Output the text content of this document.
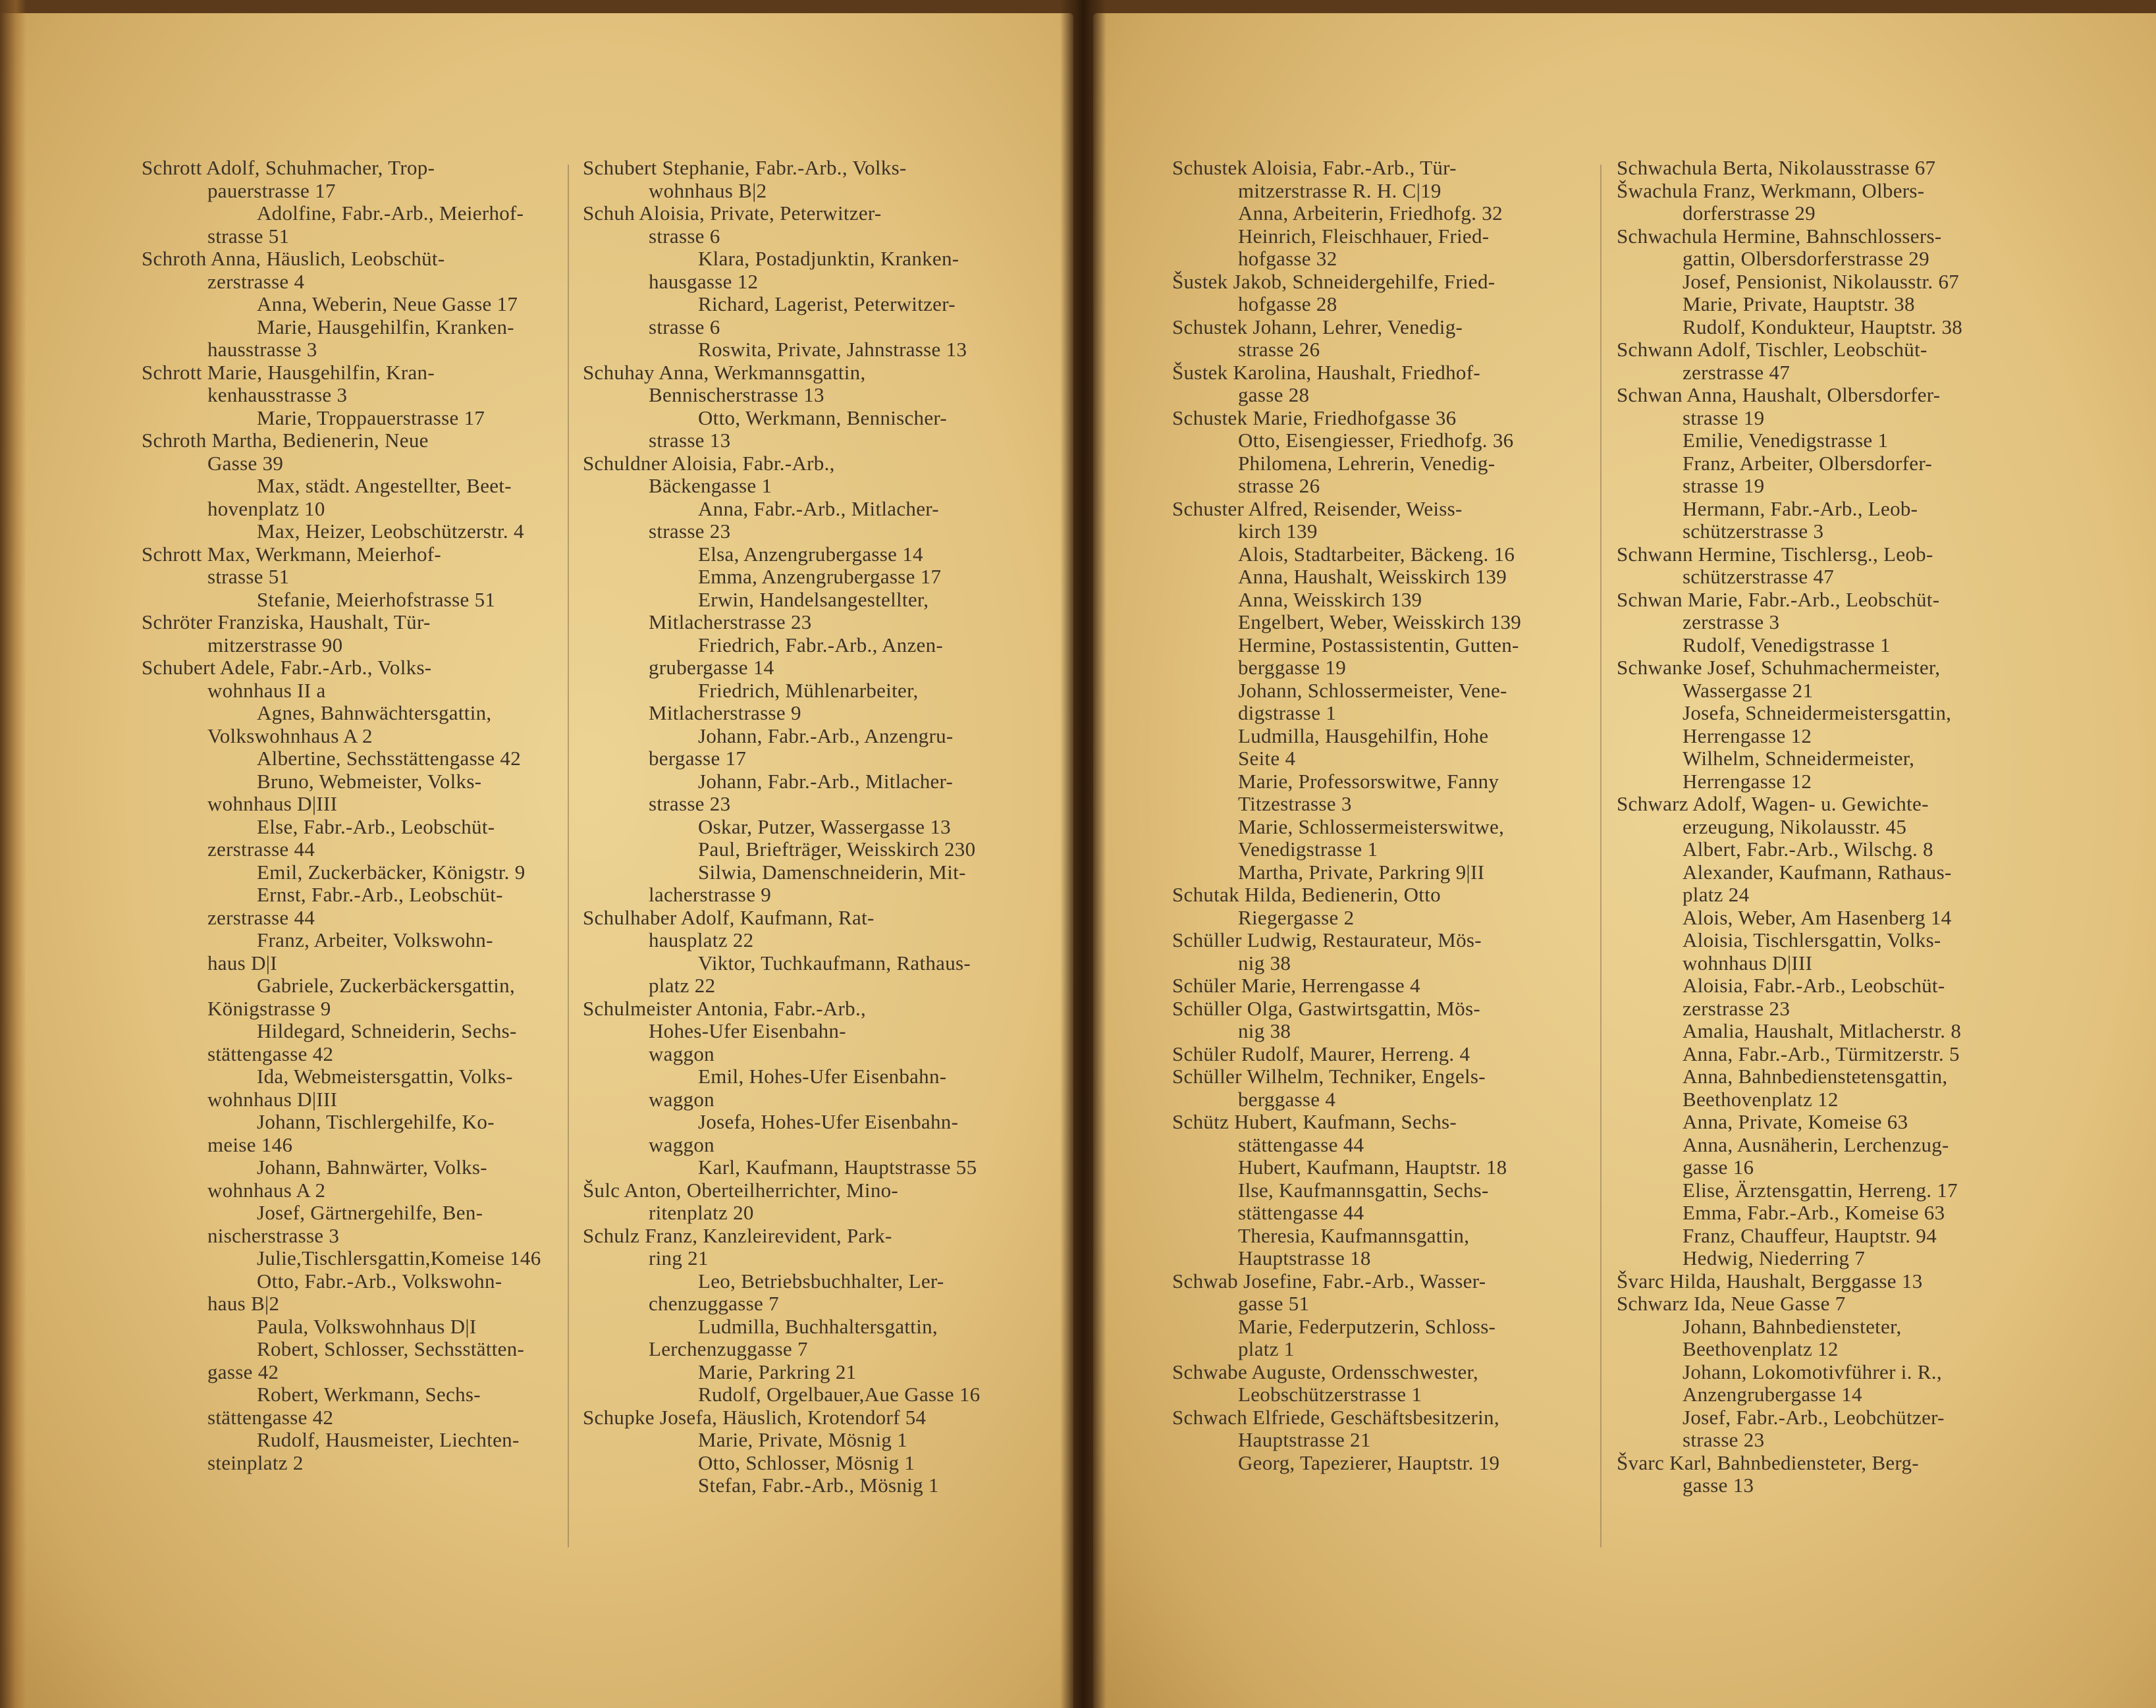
Schrott Adolf, Schuhmacher, Trop-
pauerstrasse 17
Adolfine, Fabr.-Arb., Meierhof-
strasse 51
Schroth Anna, Häuslich, Leobschüt-
zerstrasse 4
Anna, Weberin, Neue Gasse 17
Marie, Hausgehilfin, Kranken-
hausstrasse 3
Schrott Marie, Hausgehilfin, Kran-
kenhausstrasse 3
Marie, Troppauerstrasse 17
Schroth Martha, Bedienerin, Neue
Gasse 39
Max, städt. Angestellter, Beet-
hovenplatz 10
Max, Heizer, Leobschützerstr. 4
Schrott Max, Werkmann, Meierhof-
strasse 51
Stefanie, Meierhofstrasse 51
Schröter Franziska, Haushalt, Tür-
mitzerstrasse 90
Schubert Adele, Fabr.-Arb., Volks-
wohnhaus II a
Agnes, Bahnwächtersgattin,
Volkswohnhaus A 2
Albertine, Sechsstättengasse 42
Bruno, Webmeister, Volks-
wohnhaus D|III
Else, Fabr.-Arb., Leobschüt-
zerstrasse 44
Emil, Zuckerbäcker, Königstr. 9
Ernst, Fabr.-Arb., Leobschüt-
zerstrasse 44
Franz, Arbeiter, Volkswohn-
haus D|I
Gabriele, Zuckerbäckersgattin,
Königstrasse 9
Hildegard, Schneiderin, Sechs-
stättengasse 42
Ida, Webmeistersgattin, Volks-
wohnhaus D|III
Johann, Tischlergehilfe, Ko-
meise 146
Johann, Bahnwärter, Volks-
wohnhaus A 2
Josef, Gärtnergehilfe, Ben-
nischerstrasse 3
Julie,Tischlersgattin,Komeise 146
Otto, Fabr.-Arb., Volkswohn-
haus B|2
Paula, Volkswohnhaus D|I
Robert, Schlosser, Sechsstätten-
gasse 42
Robert, Werkmann, Sechs-
stättengasse 42
Rudolf, Hausmeister, Liechten-
steinplatz 2
Schubert Stephanie, Fabr.-Arb., Volks-
wohnhaus B|2
Schuh Aloisia, Private, Peterwitzer-
strasse 6
Klara, Postadjunktin, Kranken-
hausgasse 12
Richard, Lagerist, Peterwitzer-
strasse 6
Roswita, Private, Jahnstrasse 13
Schuhay Anna, Werkmannsgattin,
Bennischerstrasse 13
Otto, Werkmann, Bennischer-
strasse 13
Schuldner Aloisia, Fabr.-Arb.,
Bäckengasse 1
Anna, Fabr.-Arb., Mitlacher-
strasse 23
Elsa, Anzengrubergasse 14
Emma, Anzengrubergasse 17
Erwin, Handelsangestellter,
Mitlacherstrasse 23
Friedrich, Fabr.-Arb., Anzen-
grubergasse 14
Friedrich, Mühlenarbeiter,
Mitlacherstrasse 9
Johann, Fabr.-Arb., Anzengru-
bergasse 17
Johann, Fabr.-Arb., Mitlacher-
strasse 23
Oskar, Putzer, Wassergasse 13
Paul, Briefträger, Weisskirch 230
Silwia, Damenschneiderin, Mit-
lacherstrasse 9
Schulhaber Adolf, Kaufmann, Rat-
hausplatz 22
Viktor, Tuchkaufmann, Rathaus-
platz 22
Schulmeister Antonia, Fabr.-Arb.,
Hohes-Ufer Eisenbahn-
waggon
Emil, Hohes-Ufer Eisenbahn-
waggon
Josefa, Hohes-Ufer Eisenbahn-
waggon
Karl, Kaufmann, Hauptstrasse 55
Šulc Anton, Oberteilherrichter, Mino-
ritenplatz 20
Schulz Franz, Kanzleirevident, Park-
ring 21
Leo, Betriebsbuchhalter, Ler-
chenzuggasse 7
Ludmilla, Buchhaltersgattin,
Lerchenzuggasse 7
Marie, Parkring 21
Rudolf, Orgelbauer,Aue Gasse 16
Schupke Josefa, Häuslich, Krotendorf 54
Marie, Private, Mösnig 1
Otto, Schlosser, Mösnig 1
Stefan, Fabr.-Arb., Mösnig 1
Schustek Aloisia, Fabr.-Arb., Tür-
mitzerstrasse R. H. C|19
Anna, Arbeiterin, Friedhofg. 32
Heinrich, Fleischhauer, Fried-
hofgasse 32
Šustek Jakob, Schneidergehilfe, Fried-
hofgasse 28
Schustek Johann, Lehrer, Venedig-
strasse 26
Šustek Karolina, Haushalt, Friedhof-
gasse 28
Schustek Marie, Friedhofgasse 36
Otto, Eisengiesser, Friedhofg. 36
Philomena, Lehrerin, Venedig-
strasse 26
Schuster Alfred, Reisender, Weiss-
kirch 139
Alois, Stadtarbeiter, Bäckeng. 16
Anna, Haushalt, Weisskirch 139
Anna, Weisskirch 139
Engelbert, Weber, Weisskirch 139
Hermine, Postassistentin, Gutten-
berggasse 19
Johann, Schlossermeister, Vene-
digstrasse 1
Ludmilla, Hausgehilfin, Hohe
Seite 4
Marie, Professorswitwe, Fanny
Titzestrasse 3
Marie, Schlossermeisterswitwe,
Venedigstrasse 1
Martha, Private, Parkring 9|II
Schutak Hilda, Bedienerin, Otto
Riegergasse 2
Schüller Ludwig, Restaurateur, Mös-
nig 38
Schüler Marie, Herrengasse 4
Schüller Olga, Gastwirtsgattin, Mös-
nig 38
Schüler Rudolf, Maurer, Herreng. 4
Schüller Wilhelm, Techniker, Engels-
berggasse 4
Schütz Hubert, Kaufmann, Sechs-
stättengasse 44
Hubert, Kaufmann, Hauptstr. 18
Ilse, Kaufmannsgattin, Sechs-
stättengasse 44
Theresia, Kaufmannsgattin,
Hauptstrasse 18
Schwab Josefine, Fabr.-Arb., Wasser-
gasse 51
Marie, Federputzerin, Schloss-
platz 1
Schwabe Auguste, Ordensschwester,
Leobschützerstrasse 1
Schwach Elfriede, Geschäftsbesitzerin,
Hauptstrasse 21
Georg, Tapezierer, Hauptstr. 19
Schwachula Berta, Nikolausstrasse 67
Šwachula Franz, Werkmann, Olbers-
dorferstrasse 29
Schwachula Hermine, Bahnschlossers-
gattin, Olbersdorferstrasse 29
Josef, Pensionist, Nikolausstr. 67
Marie, Private, Hauptstr. 38
Rudolf, Kondukteur, Hauptstr. 38
Schwann Adolf, Tischler, Leobschüt-
zerstrasse 47
Schwan Anna, Haushalt, Olbersdorfer-
strasse 19
Emilie, Venedigstrasse 1
Franz, Arbeiter, Olbersdorfer-
strasse 19
Hermann, Fabr.-Arb., Leob-
schützerstrasse 3
Schwann Hermine, Tischlersg., Leob-
schützerstrasse 47
Schwan Marie, Fabr.-Arb., Leobschüt-
zerstrasse 3
Rudolf, Venedigstrasse 1
Schwanke Josef, Schuhmachermeister,
Wassergasse 21
Josefa, Schneidermeistersgattin,
Herrengasse 12
Wilhelm, Schneidermeister,
Herrengasse 12
Schwarz Adolf, Wagen- u. Gewichte-
erzeugung, Nikolausstr. 45
Albert, Fabr.-Arb., Wilschg. 8
Alexander, Kaufmann, Rathaus-
platz 24
Alois, Weber, Am Hasenberg 14
Aloisia, Tischlersgattin, Volks-
wohnhaus D|III
Aloisia, Fabr.-Arb., Leobschüt-
zerstrasse 23
Amalia, Haushalt, Mitlacherstr. 8
Anna, Fabr.-Arb., Türmitzerstr. 5
Anna, Bahnbedienstetensgattin,
Beethovenplatz 12
Anna, Private, Komeise 63
Anna, Ausnäherin, Lerchenzug-
gasse 16
Elise, Ärztensgattin, Herreng. 17
Emma, Fabr.-Arb., Komeise 63
Franz, Chauffeur, Hauptstr. 94
Hedwig, Niederring 7
Švarc Hilda, Haushalt, Berggasse 13
Schwarz Ida, Neue Gasse 7
Johann, Bahnbediensteter,
Beethovenplatz 12
Johann, Lokomotivführer i. R.,
Anzengrubergasse 14
Josef, Fabr.-Arb., Leobchützer-
strasse 23
Švarc Karl, Bahnbediensteter, Berg-
gasse 13
